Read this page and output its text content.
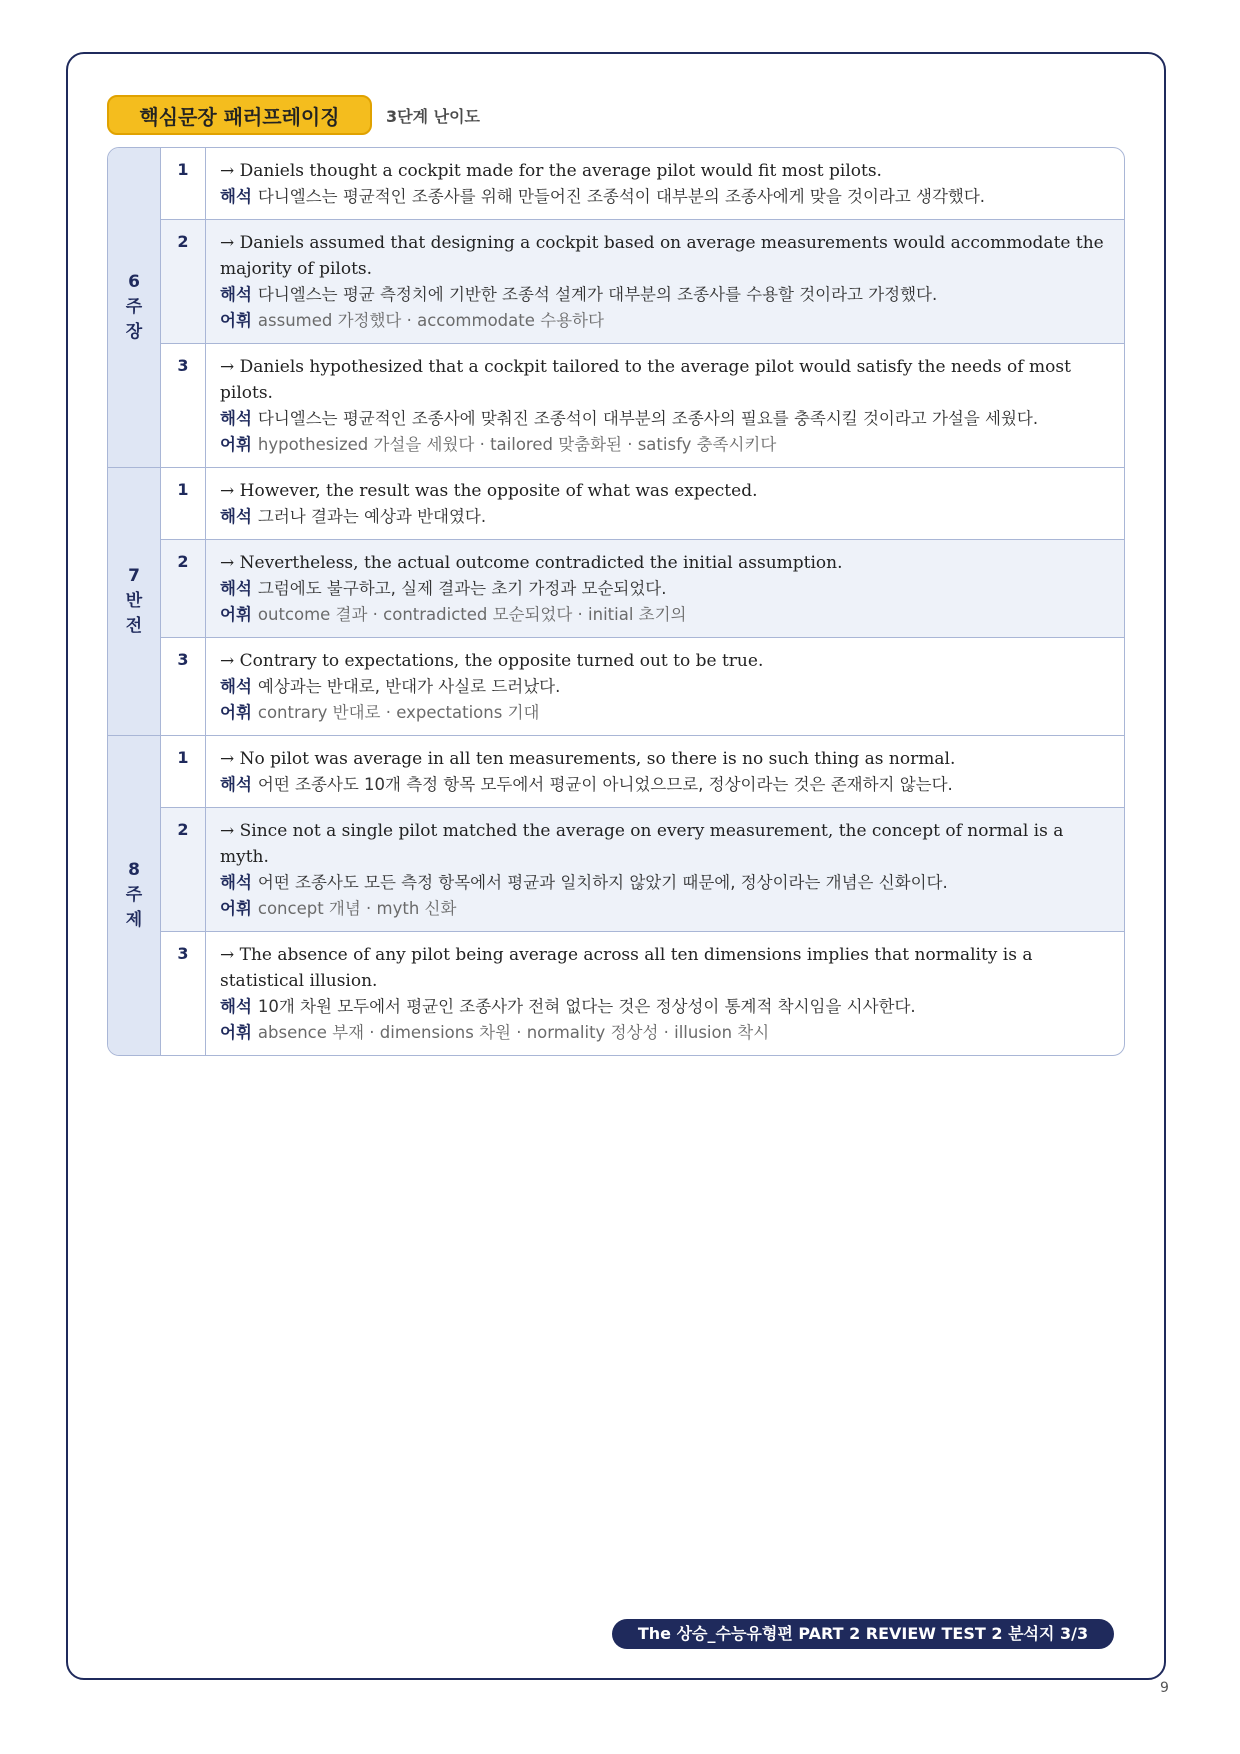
핵심문장 패러프레이징	3단계 난이도
6
주
장
1	→ Daniels thought a cockpit made for the average pilot would fit most pilots.
해석 다니엘스는 평균적인 조종사를 위해 만들어진 조종석이 대부분의 조종사에게 맞을 것이라고 생각했다.
2	→ Daniels assumed that designing a cockpit based on average measurements would accommodate the majority of pilots.
해석 다니엘스는 평균 측정치에 기반한 조종석 설계가 대부분의 조종사를 수용할 것이라고 가정했다.
어휘 assumed 가정했다 · accommodate 수용하다
3	→ Daniels hypothesized that a cockpit tailored to the average pilot would satisfy the needs of most pilots.
해석 다니엘스는 평균적인 조종사에 맞춰진 조종석이 대부분의 조종사의 필요를 충족시킬 것이라고 가설을 세웠다.
어휘 hypothesized 가설을 세웠다 · tailored 맞춤화된 · satisfy 충족시키다
7
반
전
1	→ However, the result was the opposite of what was expected.
해석 그러나 결과는 예상과 반대였다.
2	→ Nevertheless, the actual outcome contradicted the initial assumption.
해석 그럼에도 불구하고, 실제 결과는 초기 가정과 모순되었다.
어휘 outcome 결과 · contradicted 모순되었다 · initial 초기의
3	→ Contrary to expectations, the opposite turned out to be true.
해석 예상과는 반대로, 반대가 사실로 드러났다.
어휘 contrary 반대로 · expectations 기대
8
주
제
1	→ No pilot was average in all ten measurements, so there is no such thing as normal.
해석 어떤 조종사도 10개 측정 항목 모두에서 평균이 아니었으므로, 정상이라는 것은 존재하지 않는다.
2	→ Since not a single pilot matched the average on every measurement, the concept of normal is a myth.
해석 어떤 조종사도 모든 측정 항목에서 평균과 일치하지 않았기 때문에, 정상이라는 개념은 신화이다.
어휘 concept 개념 · myth 신화
3	→ The absence of any pilot being average across all ten dimensions implies that normality is a statistical illusion.
해석 10개 차원 모두에서 평균인 조종사가 전혀 없다는 것은 정상성이 통계적 착시임을 시사한다.
어휘 absence 부재 · dimensions 차원 · normality 정상성 · illusion 착시
The 상승_수능유형편 PART 2 REVIEW TEST 2 분석지 3/3
9
